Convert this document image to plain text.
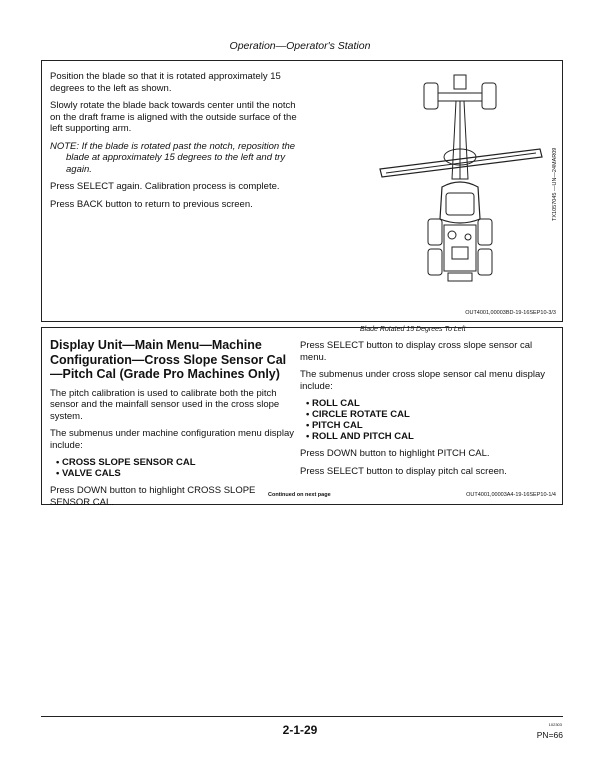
Operation—Operator's Station

Position the blade so that it is rotated approximately 15 degrees to the left as shown.

Slowly rotate the blade back towards center until the notch on the draft frame is aligned with the outside surface of the left supporting arm.

NOTE: If the blade is rotated past the notch, reposition the blade at approximately 15 degrees to the left and try again.

Press SELECT again. Calibration process is complete.

Press BACK button to return to previous screen.	TX1057045 —UN—24MAR09
Blade Rotated 15 Degrees To Left
OUT4001,00003BD-19-16SEP10-3/3
Display Unit—Main Menu—Machine Configuration—Cross Slope Sensor Cal—Pitch Cal (Grade Pro Machines Only)

The pitch calibration is used to calibrate both the pitch sensor and the mainfall sensor used in the cross slope system.

The submenus under machine configuration menu display include:

• CROSS SLOPE SENSOR CAL
• VALVE CALS

Press DOWN button to highlight CROSS SLOPE SENSOR CAL.

Press SELECT button to display cross slope sensor cal menu.

The submenus under cross slope sensor cal menu display include:

• ROLL CAL
• CIRCLE ROTATE CAL
• PITCH CAL
• ROLL AND PITCH CAL

Press DOWN button to highlight PITCH CAL.

Press SELECT button to display pitch cal screen.

Continued on next page	OUT4001,00003A4-19-16SEP10-1/4
2-1-29	102303
PN=66
